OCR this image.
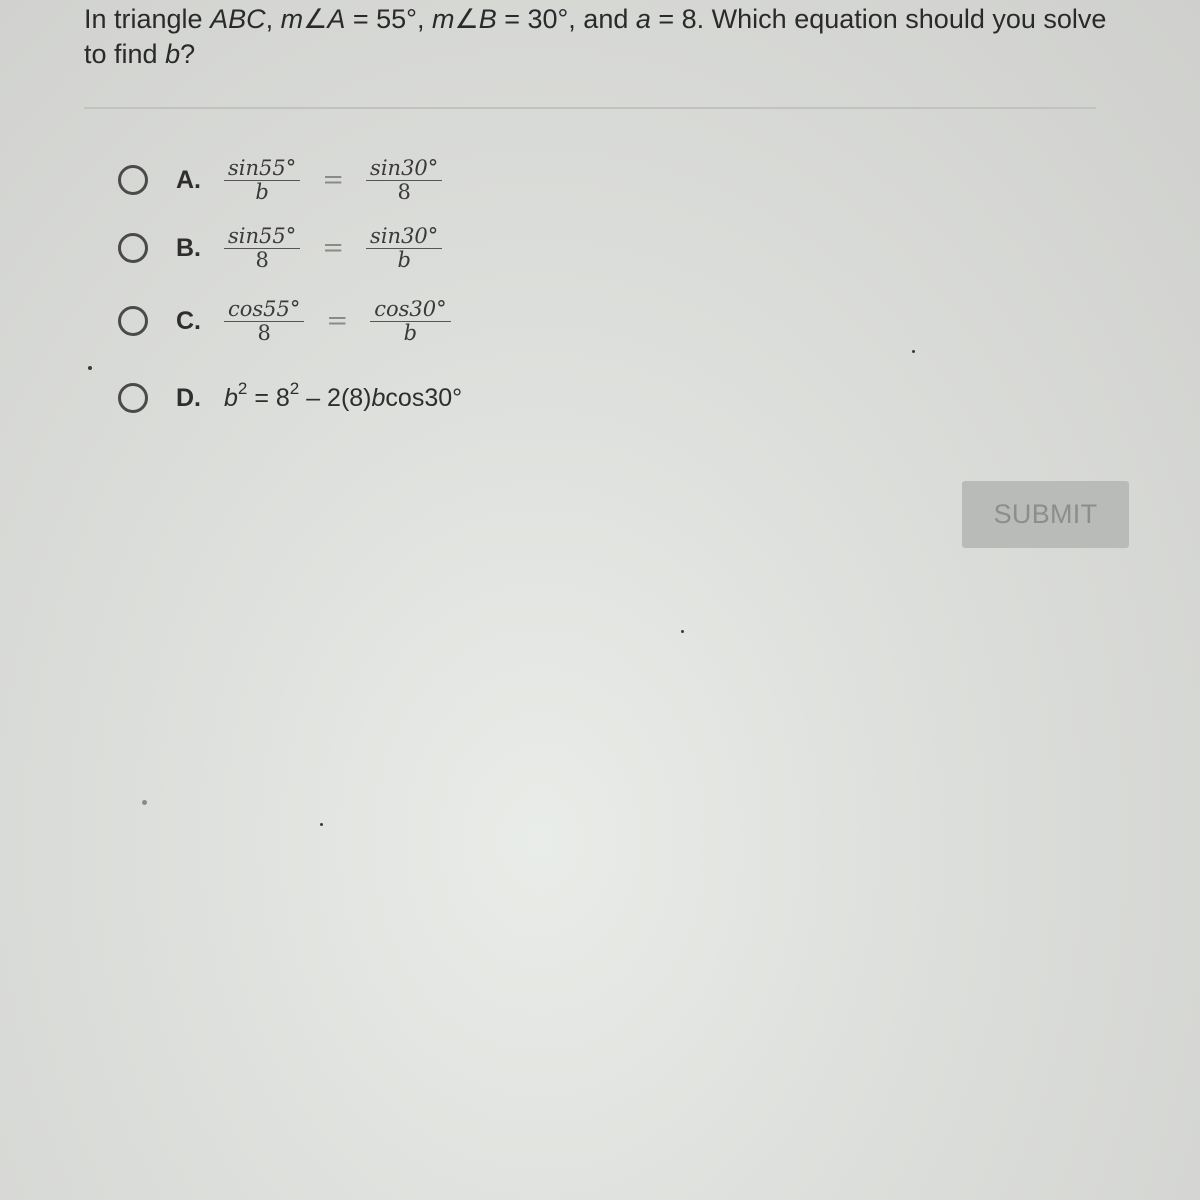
In triangle ABC, m∠A = 55°, m∠B = 30°, and a = 8. Which equation should you solve to find b?
A.	$\frac{\sin 55^\circ}{b} = \frac{\sin 30^\circ}{8}$
B.	$\frac{\sin 55^\circ}{8} = \frac{\sin 30^\circ}{b}$
C.	$\frac{\cos 55^\circ}{8} = \frac{\cos 30^\circ}{b}$
D. $b^2 = 8^2 - 2(8)bcos30^\circ$
SUBMIT
